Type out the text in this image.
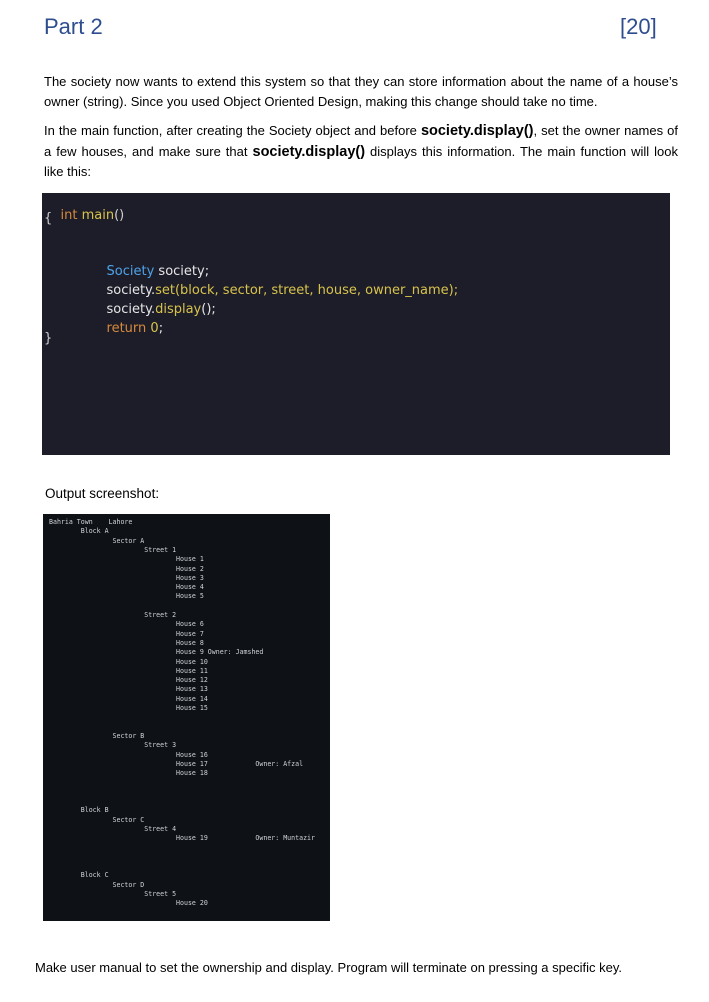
Part 2	[20]
The society now wants to extend this system so that they can store information about the name of a house’s owner (string). Since you used Object Oriented Design, making this change should take no time.
In the main function, after creating the Society object and before society.display(), set the owner names of a few houses, and make sure that society.display() displays this information. The main function will look like this:

int main()

{

Society society;

society.set(block, sector, street, house, owner_name);

society.display();

return 0;

}
Output screenshot:
Bahria Town    Lahore
Block A
Sector A
Street 1
House 1
House 2
House 3
House 4
House 5
Street 2
House 6
House 7
House 8
House 9 Owner: Jamshed
House 10
House 11
House 12
House 13
House 14
House 15
Sector B
Street 3
House 16
House 17            Owner: Afzal
House 18
Block B
Sector C
Street 4
House 19            Owner: Muntazir
Block C
Sector D
Street 5
House 20
Make user manual to set the ownership and display. Program will terminate on pressing a specific key.
